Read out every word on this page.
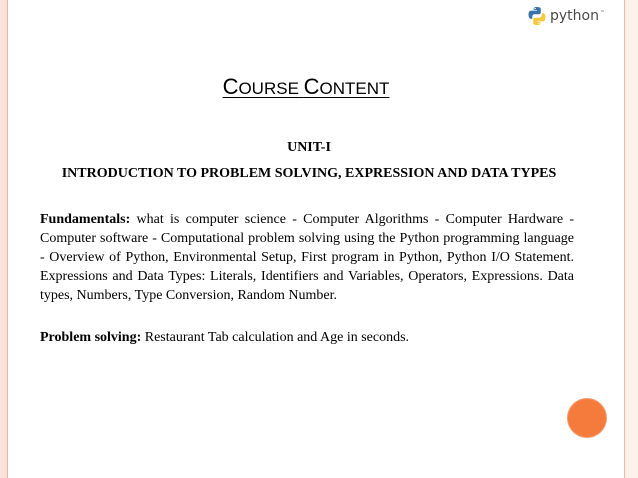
python ™
COURSE CONTENT
UNIT-I
INTRODUCTION TO PROBLEM SOLVING, EXPRESSION AND DATA TYPES

Fundamentals: what is computer science - Computer Algorithms - Computer Hardware - Computer software - Computational problem solving using the Python programming language - Overview of Python, Environmental Setup, First program in Python, Python I/O Statement. Expressions and Data Types: Literals, Identifiers and Variables, Operators, Expressions. Data types, Numbers, Type Conversion, Random Number.

Problem solving: Restaurant Tab calculation and Age in seconds.
